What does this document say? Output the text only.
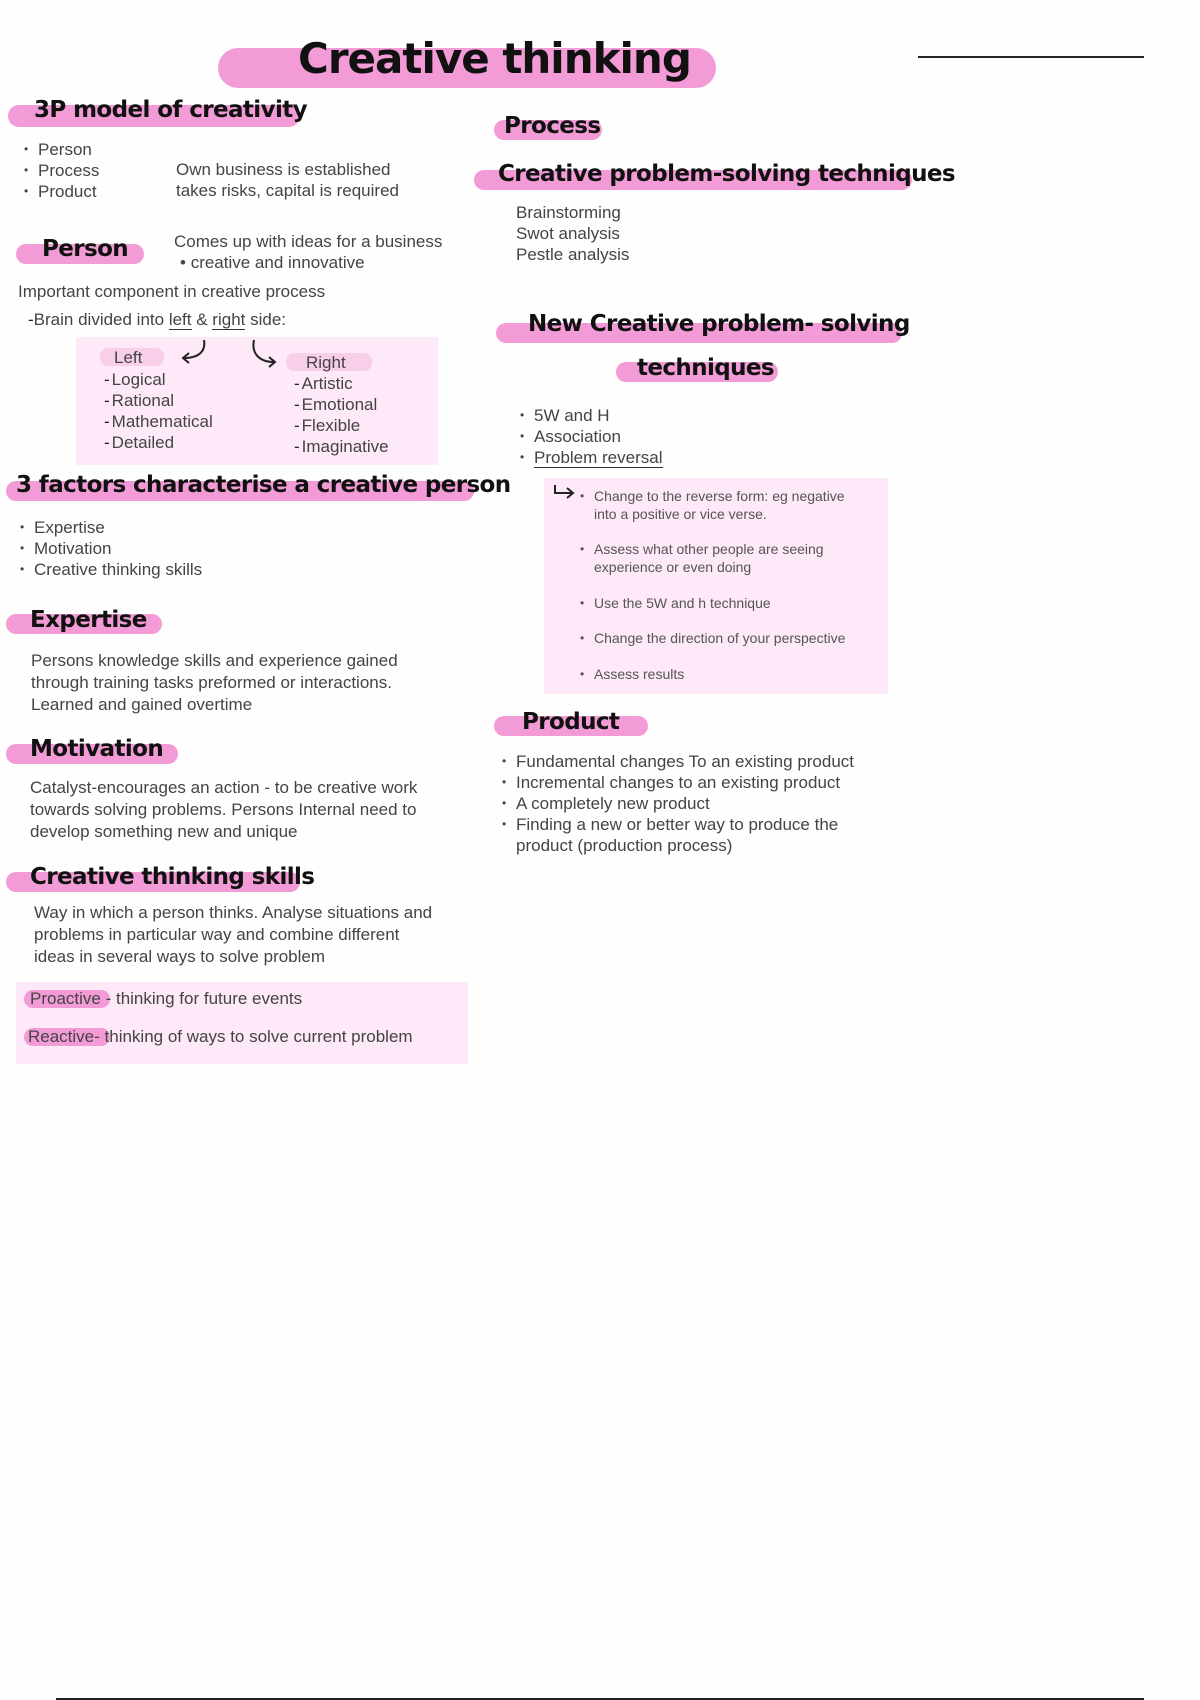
Creative thinking
3P model of creativity
• Person
• Process
• Product
Own business is established
takes risks, capital is required
Person	Comes up with ideas for a business
• creative and innovative
Important component in creative process
-Brain divided into left & right side:
Left
- Logical
- Rational
- Mathematical
- Detailed
Right
- Artistic
- Emotional
- Flexible
- Imaginative
3 factors characterise a creative person
• Expertise
• Motivation
• Creative thinking skills
Expertise
Persons knowledge skills and experience gained
through training tasks preformed or interactions.
Learned and gained overtime
Motivation
Catalyst-encourages an action - to be creative work
towards solving problems. Persons Internal need to
develop something new and unique
Creative thinking skills
Way in which a person thinks. Analyse situations and
problems in particular way and combine different
ideas in several ways to solve problem
Proactive - thinking for future events
Reactive- thinking of ways to solve current problem
Process
Creative problem-solving techniques
Brainstorming
Swot analysis
Pestle analysis
New Creative problem- solving
techniques
• 5W and H
• Association
• Problem reversal
• Change to the reverse form: eg negative
into a positive or vice verse.
• Assess what other people are seeing
experience or even doing
• Use the 5W and h technique
• Change the direction of your perspective
• Assess results
Product
• Fundamental changes To an existing product
• Incremental changes to an existing product
• A completely new product
• Finding a new or better way to produce the
product (production process)
